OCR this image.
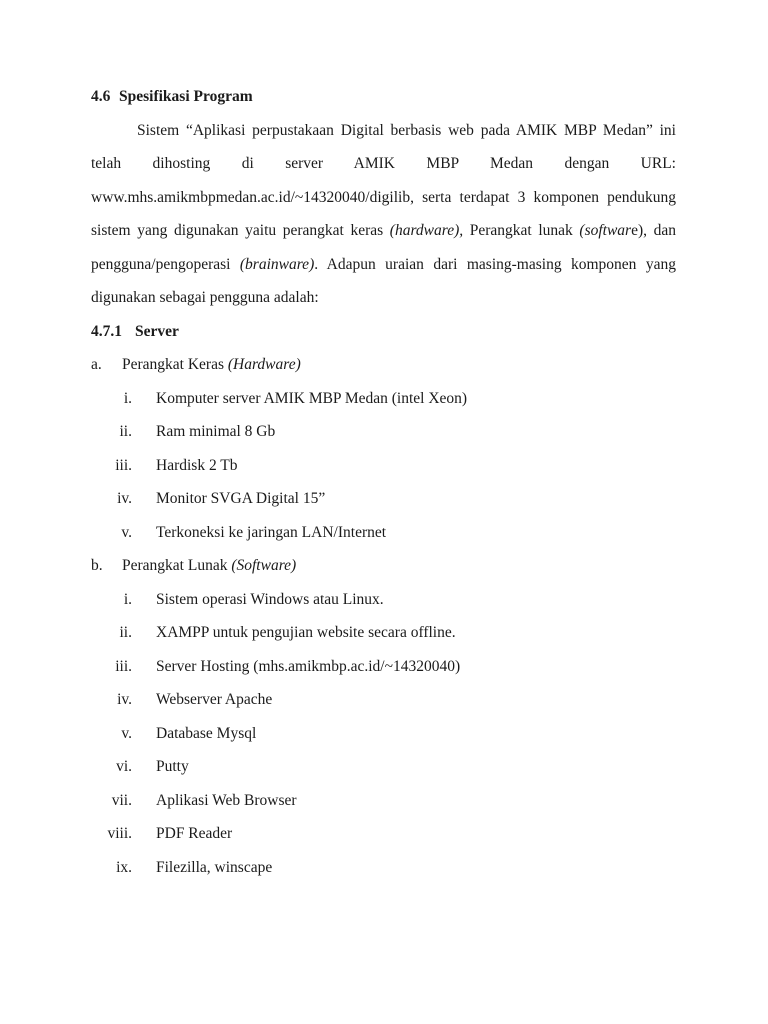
4.6 Spesifikasi Program
Sistem “Aplikasi perpustakaan Digital berbasis web pada AMIK MBP Medan” ini
telah dihosting di server AMIK MBP Medan dengan URL:
www.mhs.amikmbpmedan.ac.id/~14320040/digilib, serta terdapat 3 komponen pendukung
sistem yang digunakan yaitu perangkat keras (hardware), Perangkat lunak (software), dan
pengguna/pengoperasi (brainware). Adapun uraian dari masing-masing komponen yang
digunakan sebagai pengguna adalah:
4.7.1 Server
a. Perangkat Keras (Hardware)
i. Komputer server AMIK MBP Medan (intel Xeon)
ii. Ram minimal 8 Gb
iii. Hardisk 2 Tb
iv. Monitor SVGA Digital 15”
v. Terkoneksi ke jaringan LAN/Internet
b. Perangkat Lunak (Software)
i. Sistem operasi Windows atau Linux.
ii. XAMPP untuk pengujian website secara offline.
iii. Server Hosting (mhs.amikmbp.ac.id/~14320040)
iv. Webserver Apache
v. Database Mysql
vi. Putty
vii. Aplikasi Web Browser
viii. PDF Reader
ix. Filezilla, winscape
